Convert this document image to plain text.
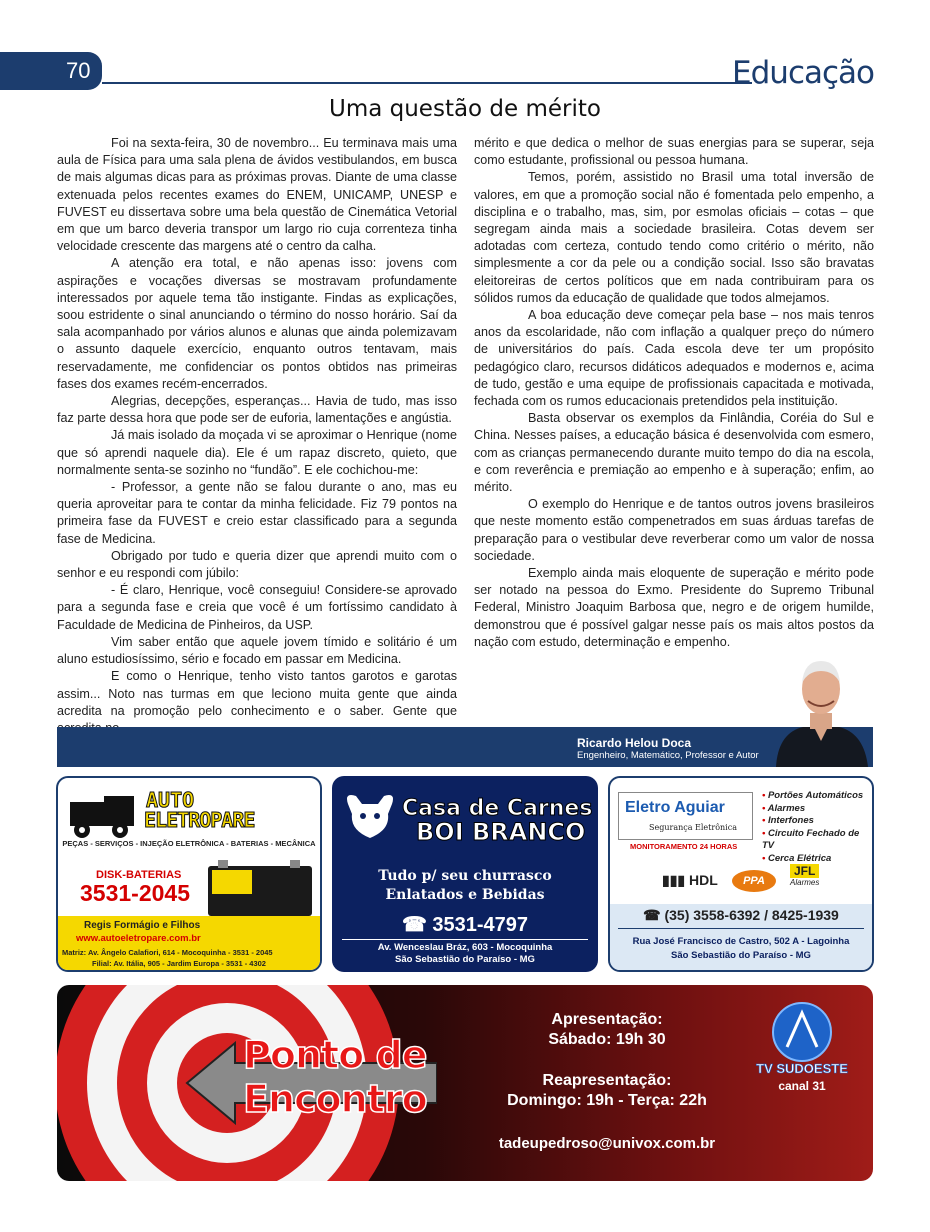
70	Educação
Uma questão de mérito

Foi na sexta-feira, 30 de novembro... Eu terminava mais uma aula de Física para uma sala plena de ávidos vestibulandos, em busca de mais algumas dicas para as próximas provas. Diante de uma classe extenuada pelos recentes exames do ENEM, UNICAMP, UNESP e FUVEST eu dissertava sobre uma bela questão de Cinemática Vetorial em que um barco deveria transpor um largo rio cuja correnteza tinha velocidade crescente das margens até o centro da calha.

A atenção era total, e não apenas isso: jovens com aspirações e vocações diversas se mostravam profundamente interessados por aquele tema tão instigante. Findas as explicações, soou estridente o sinal anunciando o término do nosso horário. Saí da sala acompanhado por vários alunos e alunas que ainda polemizavam o assunto daquele exercício, enquanto outros tentavam, mais reservadamente, me confidenciar os pontos obtidos nas primeiras fases dos exames recém-encerrados.

Alegrias, decepções, esperanças... Havia de tudo, mas isso faz parte dessa hora que pode ser de euforia, lamentações e angústia.

Já mais isolado da moçada vi se aproximar o Henrique (nome que só aprendi naquele dia). Ele é um rapaz discreto, quieto, que normalmente senta-se sozinho no “fundão”. E ele cochichou-me:

- Professor, a gente não se falou durante o ano, mas eu queria aproveitar para te contar da minha felicidade. Fiz 79 pontos na primeira fase da FUVEST e creio estar classificado para a segunda fase de Medicina.

Obrigado por tudo e queria dizer que aprendi muito com o senhor e eu respondi com júbilo:

- É claro, Henrique, você conseguiu! Considere-se aprovado para a segunda fase e creia que você é um fortíssimo candidato à Faculdade de Medicina de Pinheiros, da USP.

Vim saber então que aquele jovem tímido e solitário é um aluno estudiosíssimo, sério e focado em passar em Medicina.

E como o Henrique, tenho visto tantos garotos e garotas assim... Noto nas turmas em que leciono muita gente que ainda acredita na promoção pelo conhecimento e o saber. Gente que

mérito e que dedica o melhor de suas energias para se superar, seja como estudante, profissional ou pessoa humana.

Temos, porém, assistido no Brasil uma total inversão de valores, em que a promoção social não é fomentada pelo empenho, a disciplina e o trabalho, mas, sim, por esmolas oficiais – cotas – que segregam ainda mais a sociedade brasileira. Cotas devem ser adotadas com certeza, contudo tendo como critério o mérito, não simplesmente a cor da pele ou a condição social. Isso são bravatas eleitoreiras de certos políticos que em nada contribuiram para os sólidos rumos da educação de qualidade que todos almejamos.

A boa educação deve começar pela base – nos mais tenros anos da escolaridade, não com inflação a qualquer preço do número de universitários do país. Cada escola deve ter um propósito pedagógico claro, recursos didáticos adequados e modernos e, acima de tudo, gestão e uma equipe de profissionais capacitada e motivada, fechada com os rumos educacionais pretendidos pela instituição.

Basta observar os exemplos da Finlândia, Coréia do Sul e China. Nesses países, a educação básica é desenvolvida com esmero, com as crianças permanecendo durante muito tempo do dia na escola, e com reverência e premiação ao empenho e à superação; enfim, ao mérito.

O exemplo do Henrique e de tantos outros jovens brasileiros que neste momento estão compenetrados em suas árduas tarefas de preparação para o vestibular deve reverberar como um valor de nossa sociedade.

Exemplo ainda mais eloquente de superação e mérito pode ser notado na pessoa do Exmo. Presidente do Supremo Tribunal Federal, Ministro Joaquim Barbosa que, negro e de origem humilde, demonstrou que é possível galgar nesse país os mais altos postos da nação com estudo, determinação e empenho.

Ricardo Helou Doca
Engenheiro, Matemático, Professor e Autor
AUTO
ELETROPARE
PEÇAS - SERVIÇOS - INJEÇÃO ELETRÔNICA - BATERIAS - MECÂNICA
DISK-BATERIAS
3531-2045
Regis Formágio e Filhos
www.autoeletropare.com.br
Matriz: Av. Ângelo Calafiori, 614 - Mocoquinha - 3531 - 2045
Filial: Av. Itália, 905 - Jardim Europa - 3531 - 4302
Casa de Carnes
BOI BRANCO
Tudo p/ seu churrasco
Enlatados e Bebidas
☎ 3531-4797
Av. Wenceslau Bráz, 603 - Mocoquinha
São Sebastião do Paraíso - MG
Eletro Aguiar
Segurança Eletrônica
MONITORAMENTO 24 HORAS
• Portões Automáticos
• Alarmes
• Interfones
• Circuito Fechado de TV
• Cerca Elétrica
▮▮▮ HDL	PPA
JFL
Alarmes
☎ (35) 3558-6392 / 8425-1939
Rua José Francisco de Castro, 502 A - Lagoinha
São Sebastião do Paraíso - MG
Ponto de
Encontro
Apresentação:
Sábado: 19h 30
Reapresentação:
Domingo: 19h - Terça: 22h
tadeupedroso@univox.com.br
TV SUDOESTE
canal 31
